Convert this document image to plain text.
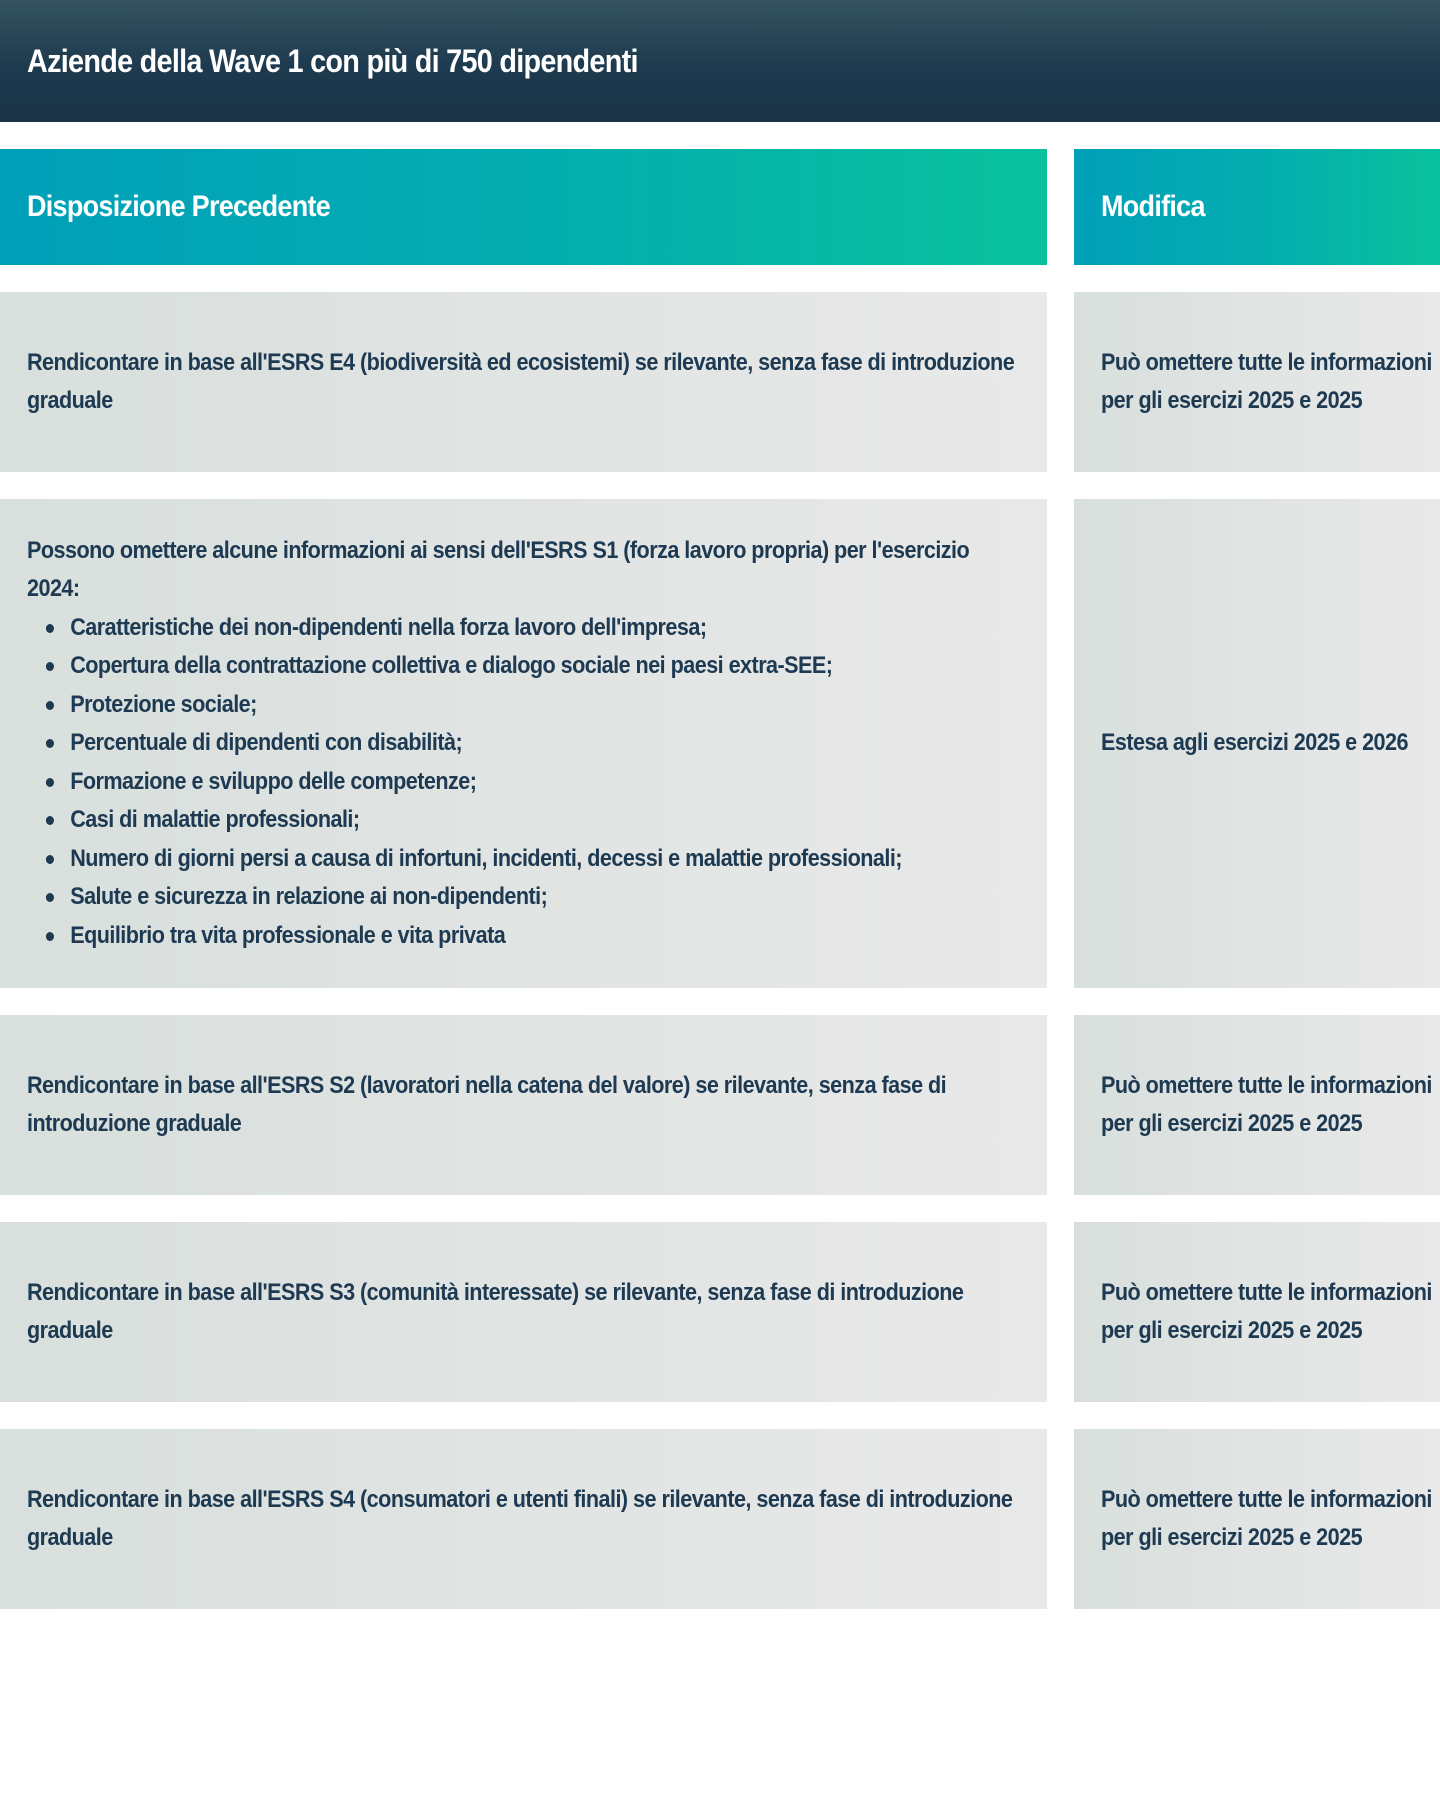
Aziende della Wave 1 con più di 750 dipendenti
Disposizione Precedente	Modifica
Rendicontare in base all'ESRS E4 (biodiversità ed ecosistemi) se rilevante, senza fase di introduzione graduale
Può omettere tutte le informazioni per gli esercizi 2025 e 2025
Possono omettere alcune informazioni ai sensi dell'ESRS S1 (forza lavoro propria) per l'esercizio 2024:
Caratteristiche dei non-dipendenti nella forza lavoro dell'impresa;
Copertura della contrattazione collettiva e dialogo sociale nei paesi extra-SEE;
Protezione sociale;
Percentuale di dipendenti con disabilità;
Formazione e sviluppo delle competenze;
Casi di malattie professionali;
Numero di giorni persi a causa di infortuni, incidenti, decessi e malattie professionali;
Salute e sicurezza in relazione ai non-dipendenti;
Equilibrio tra vita professionale e vita privata
Estesa agli esercizi 2025 e 2026
Rendicontare in base all'ESRS S2 (lavoratori nella catena del valore) se rilevante, senza fase di introduzione graduale
Può omettere tutte le informazioni per gli esercizi 2025 e 2025
Rendicontare in base all'ESRS S3 (comunità interessate) se rilevante, senza fase di introduzione graduale
Può omettere tutte le informazioni per gli esercizi 2025 e 2025
Rendicontare in base all'ESRS S4 (consumatori e utenti finali) se rilevante, senza fase di introduzione graduale
Può omettere tutte le informazioni per gli esercizi 2025 e 2025
